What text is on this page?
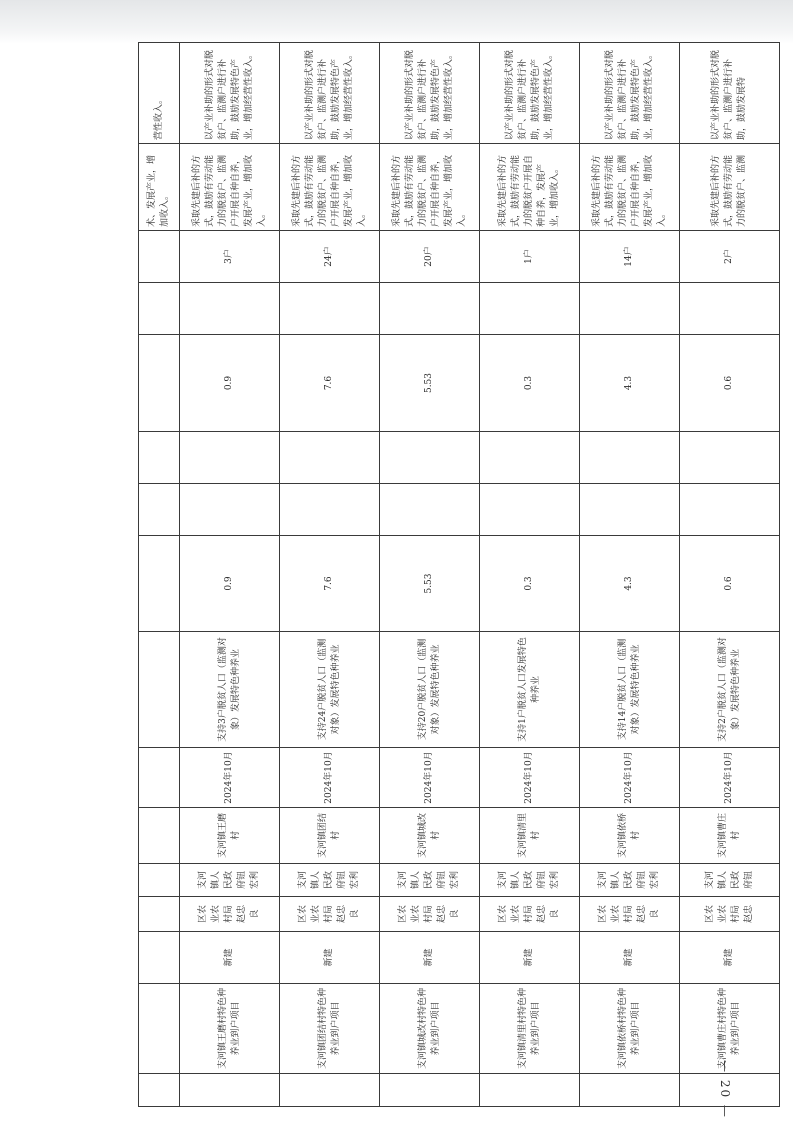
— 20 —
														术、发展产业，增加收入。	营性收入。
	支河镇王磨村特色种养业到户项目	新建	区农业农村局赵忠良	支河镇人民政府钮宏利	支河镇王磨村	2024年10月	支持3户脱贫人口（监测对象）发展特色种养业	0.9			0.9		3户	采取先建后补的方式，鼓励有劳动能力的脱贫户、监测户开展自种自养，发展产业，增加收入。	以产业补助的形式对脱贫户、监测户进行补助，鼓励发展特色产业，增加经营性收入。
	支河镇团结村特色种养业到户项目	新建	区农业农村局赵忠良	支河镇人民政府钮宏利	支河镇团结村	2024年10月	支持24户脱贫人口（监测对象）发展特色种养业	7.6			7.6		24户	采取先建后补的方式，鼓励有劳动能力的脱贫户、监测户开展自种自养，发展产业，增加收入。	以产业补助的形式对脱贫户、监测户进行补助，鼓励发展特色产业，增加经营性收入。
	支河镇城改村特色种养业到户项目	新建	区农业农村局赵忠良	支河镇人民政府钮宏利	支河镇城改村	2024年10月	支持20户脱贫人口（监测对象）发展特色种养业	5.53			5.53		20户	采取先建后补的方式，鼓励有劳动能力的脱贫户、监测户开展自种自养，发展产业，增加收入。	以产业补助的形式对脱贫户、监测户进行补助，鼓励发展特色产业，增加经营性收入。
	支河镇清里村特色种养业到户项目	新建	区农业农村局赵忠良	支河镇人民政府钮宏利	支河镇清里村	2024年10月	支持1户脱贫人口发展特色种养业	0.3			0.3		1户	采取先建后补的方式，鼓励有劳动能力的脱贫户开展自种自养，发展产业，增加收入。	以产业补助的形式对脱贫户、监测户进行补助，鼓励发展特色产业，增加经营性收入。
	支河镇依桥村特色种养业到户项目	新建	区农业农村局赵忠良	支河镇人民政府钮宏利	支河镇依桥村	2024年10月	支持14户脱贫人口（监测对象）发展特色种养业	4.3			4.3		14户	采取先建后补的方式，鼓励有劳动能力的脱贫户、监测户开展自种自养，发展产业，增加收入。	以产业补助的形式对脱贫户、监测户进行补助，鼓励发展特色产业，增加经营性收入。
	支河镇曹庄村特色种养业到户项目	新建	区农业农村局赵忠	支河镇人民政府钮	支河镇曹庄村	2024年10月	支持2户脱贫人口（监测对象）发展特色种养业	0.6			0.6		2户	采取先建后补的方式，鼓励有劳动能力的脱贫户、监测	以产业补助的形式对脱贫户、监测户进行补助，鼓励发展特
